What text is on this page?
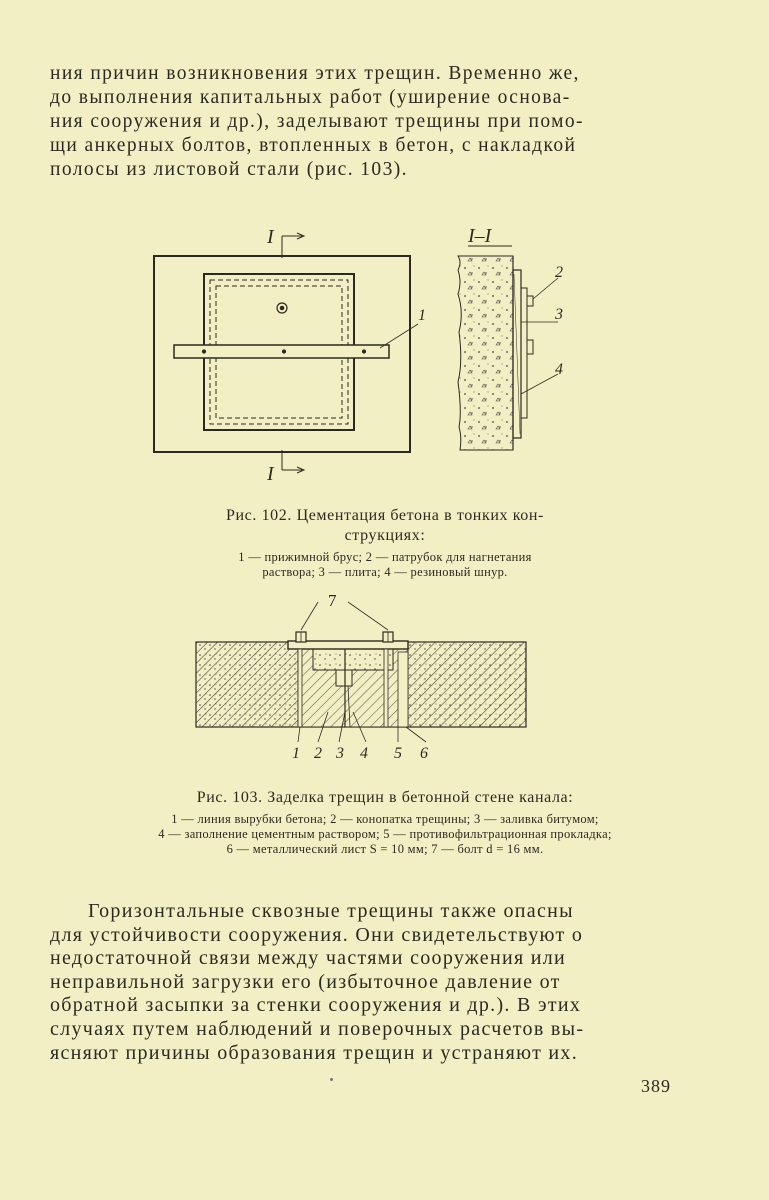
ния причин возникновения этих трещин. Временно же,
до выполнения капитальных работ (уширение основа-
ния сооружения и др.), заделывают трещины при помо-
щи анкерных болтов, втопленных в бетон, с накладкой
полосы из листовой стали (рис. 103).
I
I
1
I–I
2
3
4
Рис. 102. Цементация бетона в тонких кон-
струкциях:
1 — прижимной брус; 2 — патрубок для нагнетания
раствора; 3 — плита; 4 — резиновый шнур.
7
1 2 3 4 5 6
Рис. 103. Заделка трещин в бетонной стене канала:
1 — линия вырубки бетона; 2 — конопатка трещины; 3 — заливка битумом;
4 — заполнение цементным раствором; 5 — противофильтрационная прокладка;
6 — металлический лист S = 10 мм; 7 — болт d = 16 мм.
Горизонтальные сквозные трещины также опасны
для устойчивости сооружения. Они свидетельствуют о
недостаточной связи между частями сооружения или
неправильной загрузки его (избыточное давление от
обратной засыпки за стенки сооружения и др.). В этих
случаях путем наблюдений и поверочных расчетов вы-
ясняют причины образования трещин и устраняют их.
389
